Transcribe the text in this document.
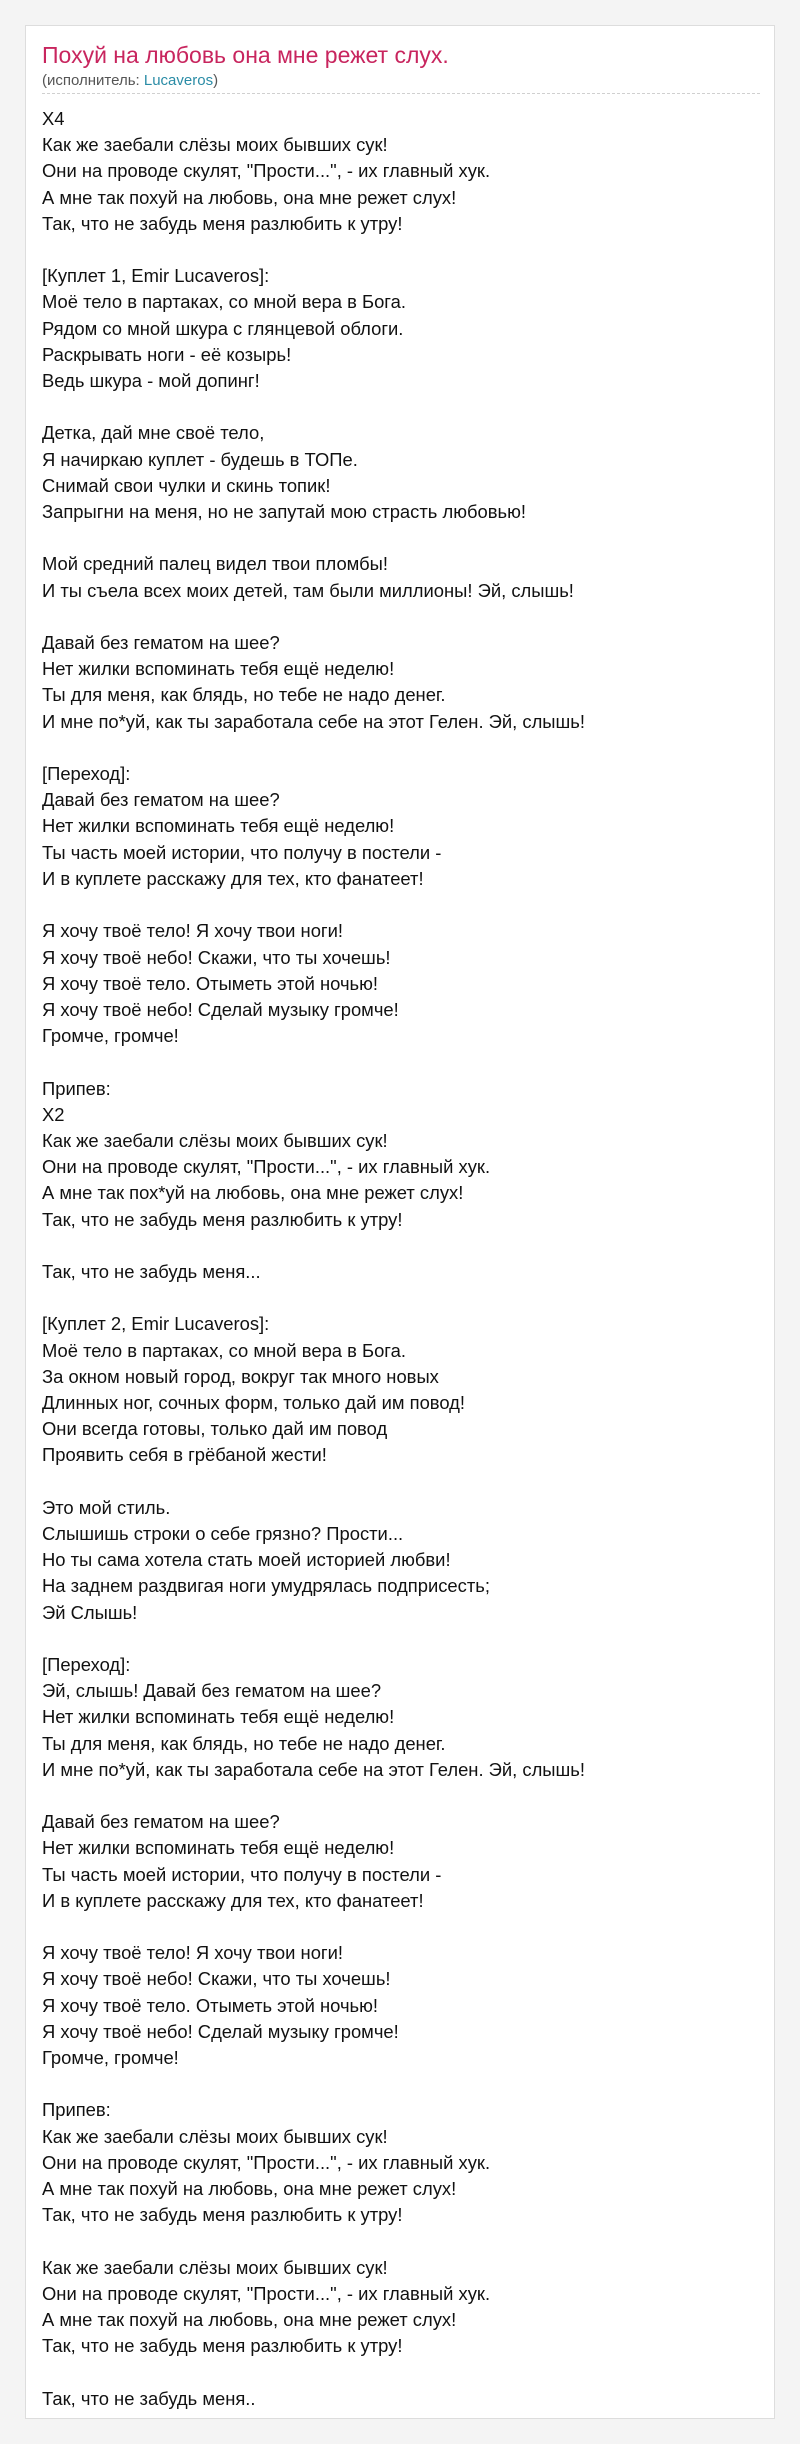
Похуй на любовь она мне режет слух.
(исполнитель: Lucaveros)
X4
Как же заебали слёзы моих бывших сук!
Они на проводе скулят, "Прости...", - их главный хук.
А мне так похуй на любовь, она мне режет слух!
Так, что не забудь меня разлюбить к утру!

[Куплет 1, Emir Lucaveros]:
Моё тело в партаках, со мной вера в Бога.
Рядом со мной шкура с глянцевой облоги.
Раскрывать ноги - её козырь!
Ведь шкура - мой допинг!

Детка, дай мне своё тело,
Я начиркаю куплет - будешь в ТОПе.
Снимай свои чулки и скинь топик!
Запрыгни на меня, но не запутай мою страсть любовью!

Мой средний палец видел твои пломбы!
И ты съела всех моих детей, там были миллионы! Эй, слышь!

Давай без гематом на шее?
Нет жилки вспоминать тебя ещё неделю!
Ты для меня, как блядь, но тебе не надо денег.
И мне по*уй, как ты заработала себе на этот Гелен. Эй, слышь!

[Переход]:
Давай без гематом на шее?
Нет жилки вспоминать тебя ещё неделю!
Ты часть моей истории, что получу в постели -
И в куплете расскажу для тех, кто фанатеет!

Я хочу твоё тело! Я хочу твои ноги!
Я хочу твоё небо! Скажи, что ты хочешь!
Я хочу твоё тело. Отыметь этой ночью!
Я хочу твоё небо! Сделай музыку громче!
Громче, громче!

Припев:
X2
Как же заебали слёзы моих бывших сук!
Они на проводе скулят, "Прости...", - их главный хук.
А мне так пох*уй на любовь, она мне режет слух!
Так, что не забудь меня разлюбить к утру!

Так, что не забудь меня...

[Куплет 2, Emir Lucaveros]:
Моё тело в партаках, со мной вера в Бога.
За окном новый город, вокруг так много новых
Длинных ног, сочных форм, только дай им повод!
Они всегда готовы, только дай им повод
Проявить себя в грёбаной жести!

Это мой стиль.
Слышишь строки о себе грязно? Прости...
Но ты сама хотела стать моей историей любви!
На заднем раздвигая ноги умудрялась подприсесть;
Эй Слышь!

[Переход]:
Эй, слышь! Давай без гематом на шее?
Нет жилки вспоминать тебя ещё неделю!
Ты для меня, как блядь, но тебе не надо денег.
И мне по*уй, как ты заработала себе на этот Гелен. Эй, слышь!

Давай без гематом на шее?
Нет жилки вспоминать тебя ещё неделю!
Ты часть моей истории, что получу в постели -
И в куплете расскажу для тех, кто фанатеет!

Я хочу твоё тело! Я хочу твои ноги!
Я хочу твоё небо! Скажи, что ты хочешь!
Я хочу твоё тело. Отыметь этой ночью!
Я хочу твоё небо! Сделай музыку громче!
Громче, громче!

Припев:
Как же заебали слёзы моих бывших сук!
Они на проводе скулят, "Прости...", - их главный хук.
А мне так похуй на любовь, она мне режет слух!
Так, что не забудь меня разлюбить к утру!

Как же заебали слёзы моих бывших сук!
Они на проводе скулят, "Прости...", - их главный хук.
А мне так похуй на любовь, она мне режет слух!
Так, что не забудь меня разлюбить к утру!

Так, что не забудь меня..
